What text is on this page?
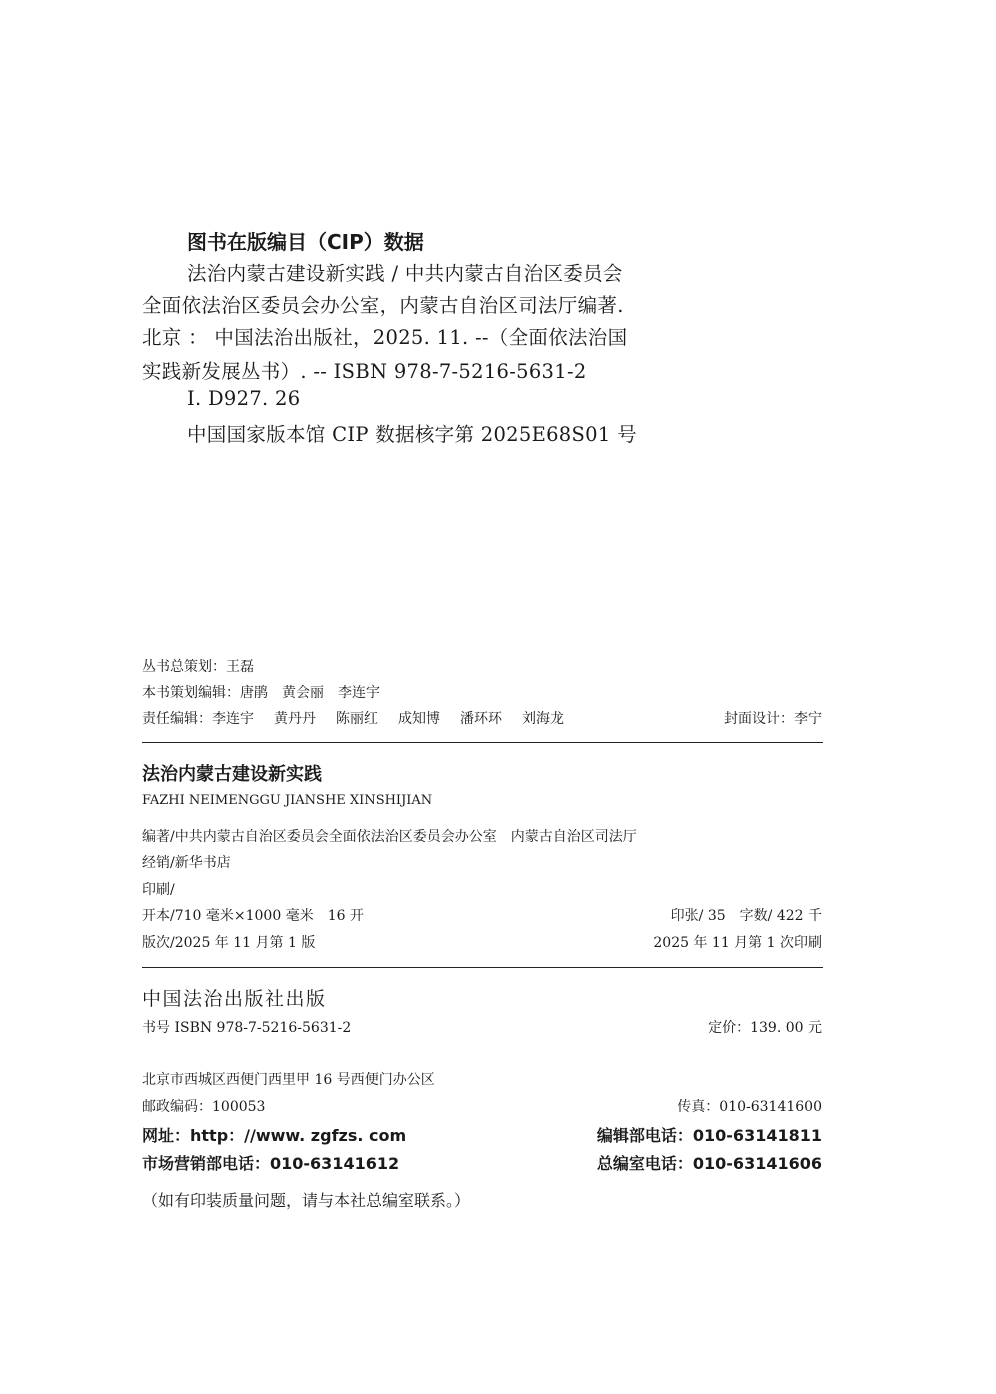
图书在版编目（CIP）数据
法治内蒙古建设新实践 / 中共内蒙古自治区委员会
全面依法治区委员会办公室，内蒙古自治区司法厅编著.
北京 ： 中国法治出版社，2025. 11. --（全面依法治国
实践新发展丛书）. -- ISBN 978-7-5216-5631-2
Ⅰ. D927. 26
中国国家版本馆 CIP 数据核字第 2025E68S01 号
丛书总策划：王磊
本书策划编辑：唐鹃　黄会丽　李连宇
责任编辑：李连宇 黄丹丹 陈丽红 成知博 潘环环 刘海龙	封面设计：李宁
法治内蒙古建设新实践
FAZHI NEIMENGGU JIANSHE XINSHIJIAN
编著/中共内蒙古自治区委员会全面依法治区委员会办公室　内蒙古自治区司法厅
经销/新华书店
印刷/
开本/710 毫米×1000 毫米　16 开	印张/ 35　字数/ 422 千
版次/2025 年 11 月第 1 版	2025 年 11 月第 1 次印刷
中国法治出版社出版
书号 ISBN 978-7-5216-5631-2	定价：139. 00 元
北京市西城区西便门西里甲 16 号西便门办公区
邮政编码：100053	传真：010-63141600
网址：http：//www. zgfzs. com	编辑部电话：010-63141811
市场营销部电话：010-63141612	总编室电话：010-63141606
（如有印装质量问题，请与本社总编室联系。）
